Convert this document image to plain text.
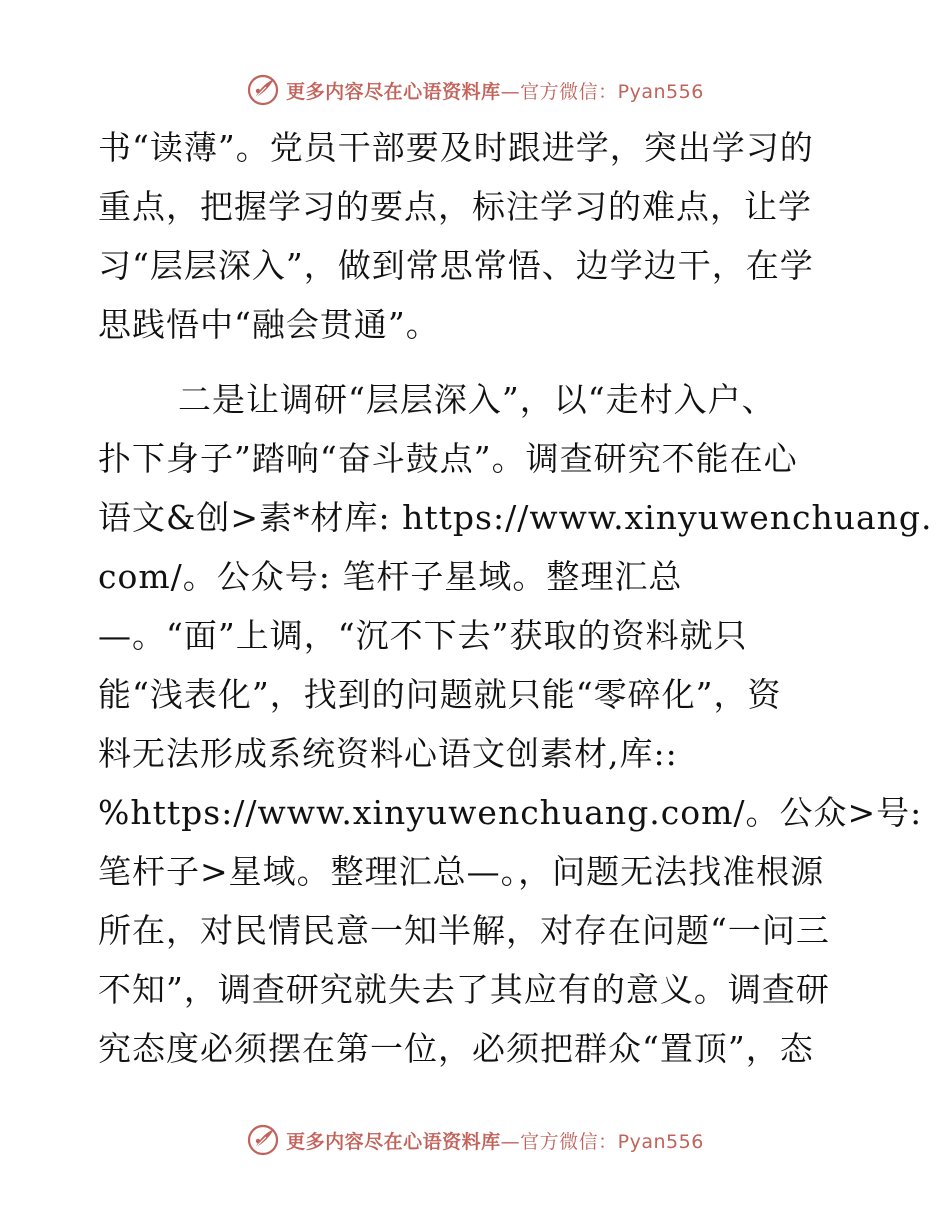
更多内容尽在心语资料库—官方微信：Pyan556
书“读薄”。党员干部要及时跟进学，突出学习的
重点，把握学习的要点，标注学习的难点，让学
习“层层深入”，做到常思常悟、边学边干，在学
思践悟中“融会贯通”。
二是让调研“层层深入”，以“走村入户、
扑下身子”踏响“奋斗鼓点”。调查研究不能在心
语文&创>素*材库: https://www.xinyuwenchuang.
com/。公众号: 笔杆子星域。整理汇总
—。“面”上调，“沉不下去”获取的资料就只
能“浅表化”，找到的问题就只能“零碎化”，资
料无法形成系统资料心语文创素材,库::
%https://www.xinyuwenchuang.com/。公众>号:
笔杆子>星域。整理汇总—。，问题无法找准根源
所在，对民情民意一知半解，对存在问题“一问三
不知”，调查研究就失去了其应有的意义。调查研
究态度必须摆在第一位，必须把群众“置顶”，态
更多内容尽在心语资料库—官方微信：Pyan556
